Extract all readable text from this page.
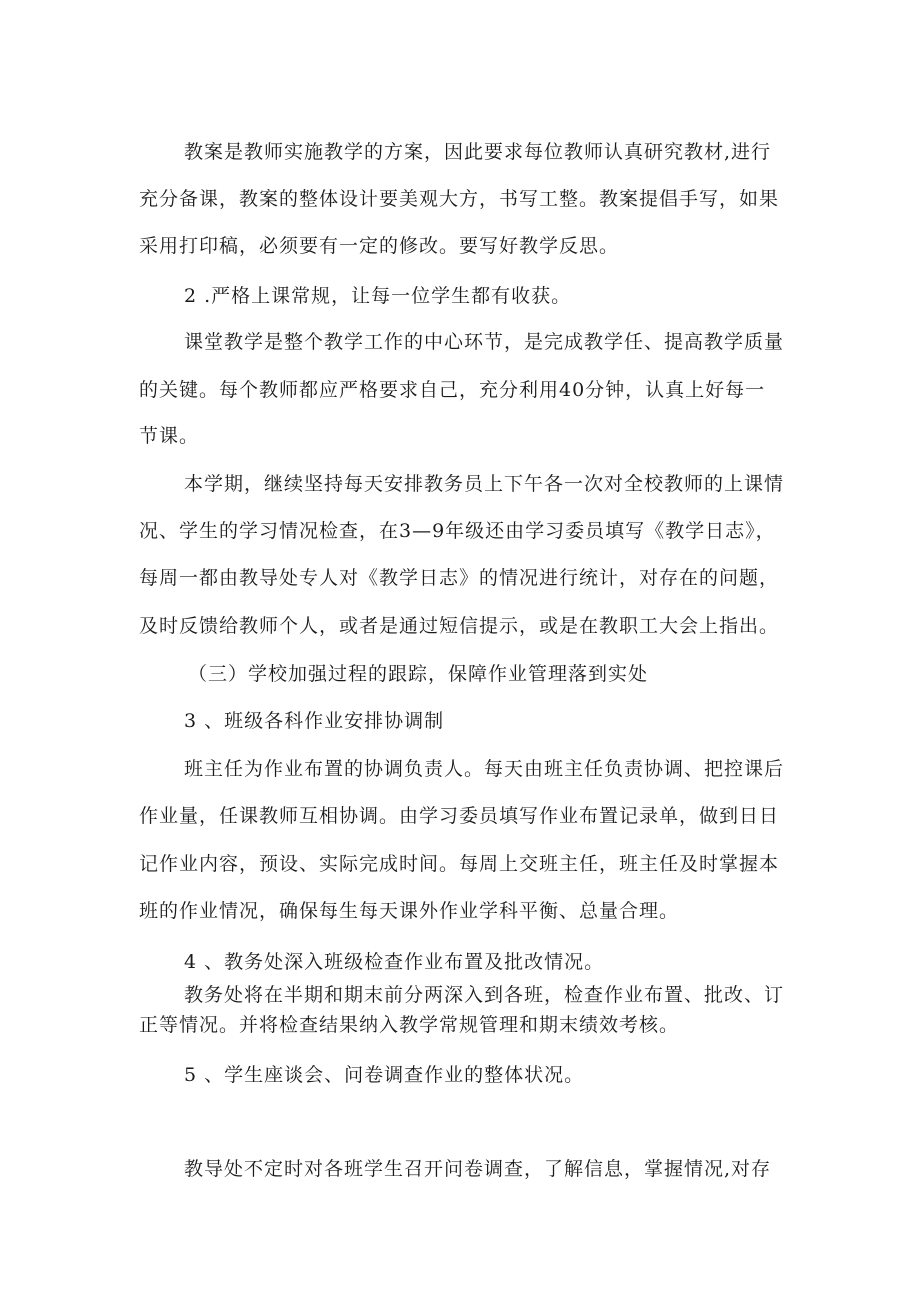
教案是教师实施教学的方案，因此要求每位教师认真研究教材,进行
充分备课，教案的整体设计要美观大方，书写工整。教案提倡手写，如果
采用打印稿，必须要有一定的修改。要写好教学反思。
2 .严格上课常规，让每一位学生都有收获。
课堂教学是整个教学工作的中心环节，是完成教学任、提高教学质量
的关键。每个教师都应严格要求自己，充分利用40分钟，认真上好每一
节课。
本学期，继续坚持每天安排教务员上下午各一次对全校教师的上课情
况、学生的学习情况检查，在3—9年级还由学习委员填写《教学日志》，
每周一都由教导处专人对《教学日志》的情况进行统计，对存在的问题，
及时反馈给教师个人，或者是通过短信提示，或是在教职工大会上指出。
（三）学校加强过程的跟踪，保障作业管理落到实处
3 、班级各科作业安排协调制
班主任为作业布置的协调负责人。每天由班主任负责协调、把控课后
作业量，任课教师互相协调。由学习委员填写作业布置记录单，做到日日
记作业内容，预设、实际完成时间。每周上交班主任，班主任及时掌握本
班的作业情况，确保每生每天课外作业学科平衡、总量合理。
4 、教务处深入班级检查作业布置及批改情况。
教务处将在半期和期末前分两深入到各班，检查作业布置、批改、订
正等情况。并将检查结果纳入教学常规管理和期末绩效考核。
5 、学生座谈会、问卷调查作业的整体状况。
教导处不定时对各班学生召开问卷调查，了解信息，掌握情况,对存
